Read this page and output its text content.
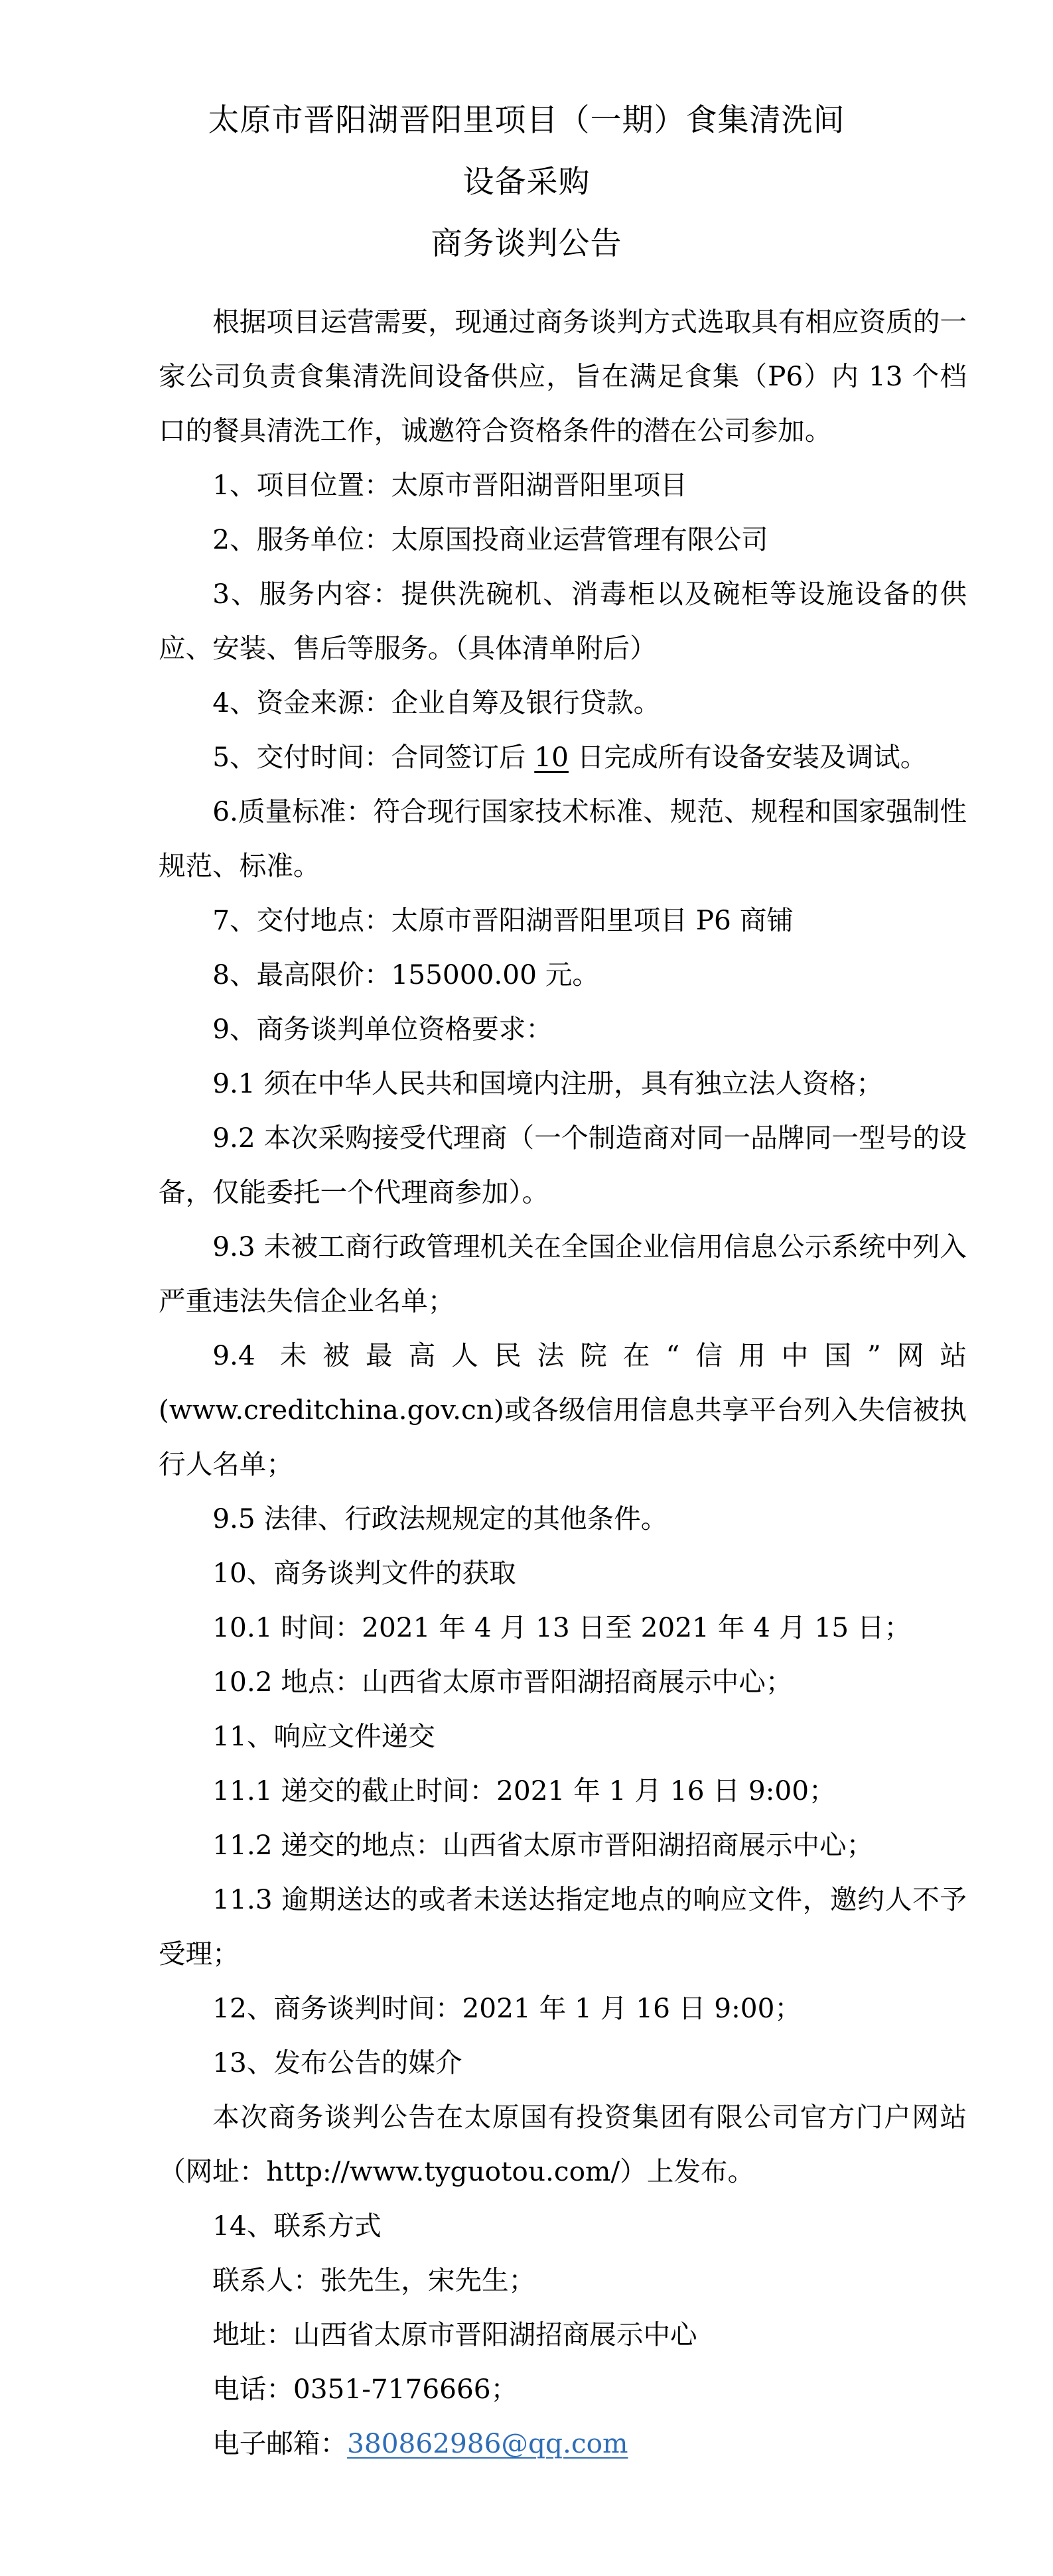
太原市晋阳湖晋阳里项目（一期）食集清洗间
设备采购
商务谈判公告

根据项目运营需要，现通过商务谈判方式选取具有相应资质的一家公司负责食集清洗间设备供应，旨在满足食集（P6）内 13 个档口的餐具清洗工作，诚邀符合资格条件的潜在公司参加。

1、项目位置：太原市晋阳湖晋阳里项目

2、服务单位：太原国投商业运营管理有限公司

3、服务内容：提供洗碗机、消毒柜以及碗柜等设施设备的供应、安装、售后等服务。（具体清单附后）

4、资金来源：企业自筹及银行贷款。

5、交付时间：合同签订后 10 日完成所有设备安装及调试。

6.质量标准：符合现行国家技术标准、规范、规程和国家强制性规范、标准。

7、交付地点：太原市晋阳湖晋阳里项目 P6 商铺

8、最高限价：155000.00 元。

9、商务谈判单位资格要求：

9.1 须在中华人民共和国境内注册，具有独立法人资格；

9.2 本次采购接受代理商（一个制造商对同一品牌同一型号的设备，仅能委托一个代理商参加）。

9.3 未被工商行政管理机关在全国企业信用信息公示系统中列入严重违法失信企业名单；

9.4 未被最高人民法院在“信用中国”网站(www.creditchina.gov.cn)或各级信用信息共享平台列入失信被执行人名单；

9.5 法律、行政法规规定的其他条件。

10、商务谈判文件的获取

10.1 时间：2021 年 4 月 13 日至 2021 年 4 月 15 日；

10.2 地点：山西省太原市晋阳湖招商展示中心；

11、响应文件递交

11.1 递交的截止时间：2021 年 1 月 16 日 9:00；

11.2 递交的地点：山西省太原市晋阳湖招商展示中心；

11.3 逾期送达的或者未送达指定地点的响应文件，邀约人不予受理；

12、商务谈判时间：2021 年 1 月 16 日 9:00；

13、发布公告的媒介

本次商务谈判公告在太原国有投资集团有限公司官方门户网站（网址：http://www.tyguotou.com/）上发布。

14、联系方式

联系人：张先生，宋先生；

地址：山西省太原市晋阳湖招商展示中心

电话：0351-7176666；

电子邮箱：380862986@qq.com
